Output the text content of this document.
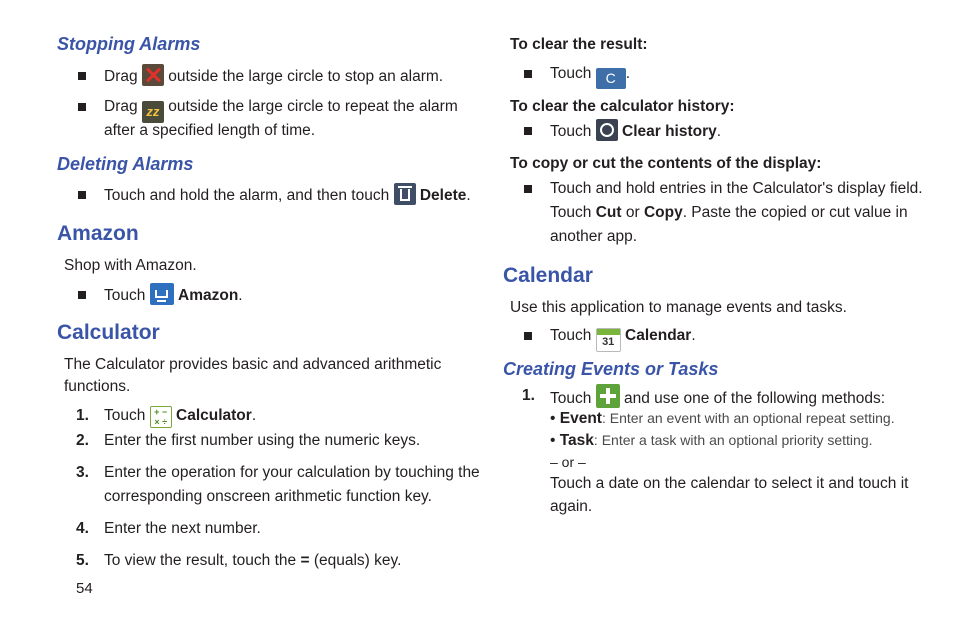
Stopping Alarms
Drag outside the large circle to stop an alarm.
Drag zz outside the large circle to repeat the alarm
after a specified length of time.
Deleting Alarms
Touch and hold the alarm, and then touch Delete.
Amazon
Shop with Amazon.
Touch Amazon.
Calculator
The Calculator provides basic and advanced arithmetic
functions.
1. Touch + −
× ÷ Calculator.
2. Enter the first number using the numeric keys.
3. Enter the operation for your calculation by touching the
corresponding onscreen arithmetic function key.
4. Enter the next number.
5. To view the result, touch the = (equals) key.
54
To clear the result:
Touch C .
To clear the calculator history:
Touch Clear history.
To copy or cut the contents of the display:
Touch and hold entries in the Calculator's display field.
Touch Cut or Copy. Paste the copied or cut value in
another app.
Calendar
Use this application to manage events and tasks.
Touch 31 Calendar.
Creating Events or Tasks
1. Touch and use one of the following methods:
• Event: Enter an event with an optional repeat setting.
• Task: Enter a task with an optional priority setting.
– or –
Touch a date on the calendar to select it and touch it
again.
